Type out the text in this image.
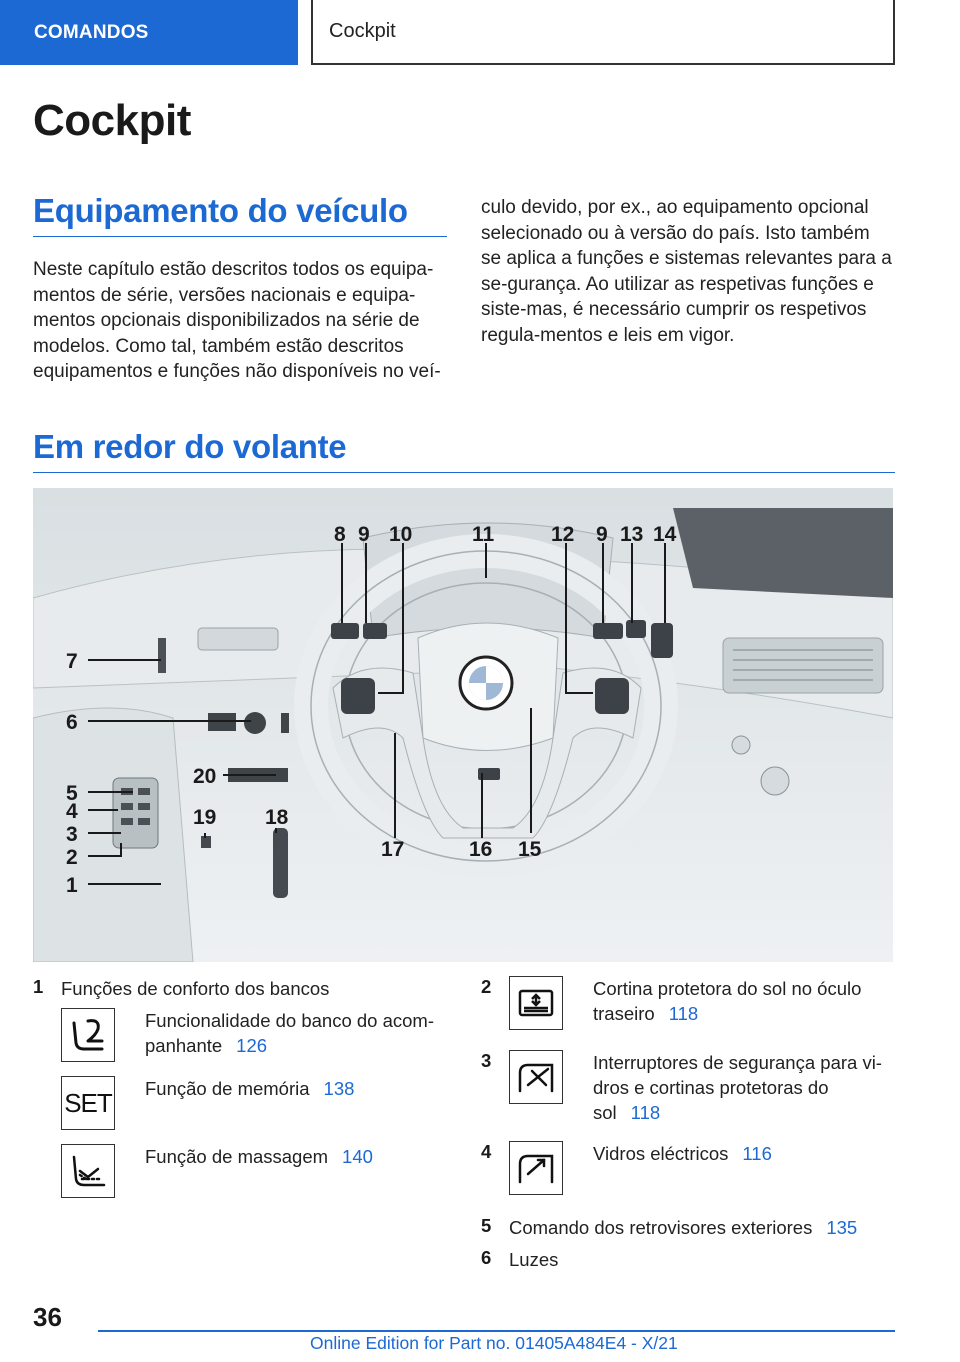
COMANDOS	Cockpit
Cockpit
Equipamento do veículo

Neste capítulo estão descritos todos os equipa-mentos de série, versões nacionais e equipa-mentos opcionais disponibilizados na série de modelos. Como tal, também estão descritos equipamentos e funções não disponíveis no veí-

culo devido, por ex., ao equipamento opcional selecionado ou à versão do país. Isto também se aplica a funções e sistemas relevantes para a se-gurança. Ao utilizar as respetivas funções e siste-mas, é necessário cumprir os respetivos regula-mentos e leis em vigor.

Em redor do volante
8 9 10	11	12 9 13 14
15
16
17
18
19
20
7
6
5
4
3
2
1
1 Funções de conforto dos bancos
Funcionalidade do banco do acom-panhante 126
SET Função de memória 138
Função de massagem 140
2	Cortina protetora do sol no óculo traseiro 118
3	Interruptores de segurança para vi-dros e cortinas protetoras do sol 118
4	Vidros eléctricos 116
5 Comando dos retrovisores exteriores 135
6 Luzes
36
Online Edition for Part no. 01405A484E4 - X/21
